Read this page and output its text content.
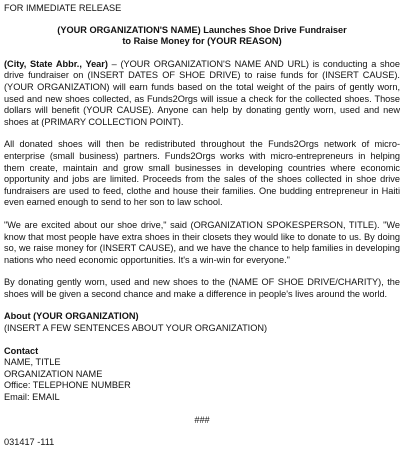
FOR IMMEDIATE RELEASE
(YOUR ORGANIZATION'S NAME) Launches Shoe Drive Fundraiser
to Raise Money for (YOUR REASON)

(City, State Abbr., Year) – (YOUR ORGANIZATION'S NAME AND URL) is conducting a shoe drive fundraiser on (INSERT DATES OF SHOE DRIVE) to raise funds for (INSERT CAUSE). (YOUR ORGANIZATION) will earn funds based on the total weight of the pairs of gently worn, used and new shoes collected, as Funds2Orgs will issue a check for the collected shoes. Those dollars will benefit (YOUR CAUSE). Anyone can help by donating gently worn, used and new shoes at (PRIMARY COLLECTION POINT).

All donated shoes will then be redistributed throughout the Funds2Orgs network of micro-enterprise (small business) partners. Funds2Orgs works with micro-entrepreneurs in helping them create, maintain and grow small businesses in developing countries where economic opportunity and jobs are limited. Proceeds from the sales of the shoes collected in shoe drive fundraisers are used to feed, clothe and house their families. One budding entrepreneur in Haiti even earned enough to send to her son to law school.

"We are excited about our shoe drive," said (ORGANIZATION SPOKESPERSON, TITLE). "We know that most people have extra shoes in their closets they would like to donate to us. By doing so, we raise money for (INSERT CAUSE), and we have the chance to help families in developing nations who need economic opportunities. It's a win-win for everyone."

By donating gently worn, used and new shoes to the (NAME OF SHOE DRIVE/CHARITY), the shoes will be given a second chance and make a difference in people's lives around the world.

About (YOUR ORGANIZATION)
(INSERT A FEW SENTENCES ABOUT YOUR ORGANIZATION)
Contact
NAME, TITLE
ORGANIZATION NAME
Office: TELEPHONE NUMBER
Email: EMAIL
###
031417 -111
